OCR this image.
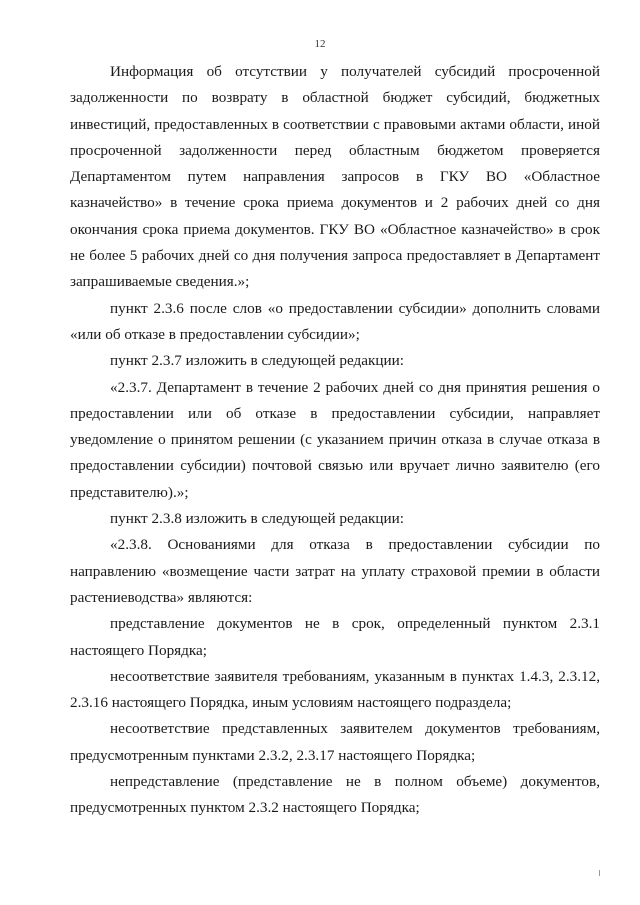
12

Информация об отсутствии у получателей субсидий просроченной задолженности по возврату в областной бюджет субсидий, бюджетных инвестиций, предоставленных в соответствии с правовыми актами области, иной просроченной задолженности перед областным бюджетом проверяется Департаментом путем направления запросов в ГКУ ВО «Областное казначейство» в течение срока приема документов и 2 рабочих дней со дня окончания срока приема документов. ГКУ ВО «Областное казначейство» в срок не более 5 рабочих дней со дня получения запроса предоставляет в Департамент запрашиваемые сведения.»;

пункт 2.3.6 после слов «о предоставлении субсидии» дополнить словами «или об отказе в предоставлении субсидии»;

пункт 2.3.7 изложить в следующей редакции:

«2.3.7. Департамент в течение 2 рабочих дней со дня принятия решения о предоставлении или об отказе в предоставлении субсидии, направляет уведомление о принятом решении (с указанием причин отказа в случае отказа в предоставлении субсидии) почтовой связью или вручает лично заявителю (его представителю).»;

пункт 2.3.8 изложить в следующей редакции:

«2.3.8. Основаниями для отказа в предоставлении субсидии по направлению «возмещение части затрат на уплату страховой премии в области растениеводства» являются:

представление документов не в срок, определенный пунктом 2.3.1 настоящего Порядка;

несоответствие заявителя требованиям, указанным в пунктах 1.4.3, 2.3.12, 2.3.16 настоящего Порядка, иным условиям настоящего подраздела;

несоответствие представленных заявителем документов требованиям, предусмотренным пунктами 2.3.2, 2.3.17 настоящего Порядка;

непредставление (представление не в полном объеме) документов, предусмотренных пунктом 2.3.2 настоящего Порядка;
